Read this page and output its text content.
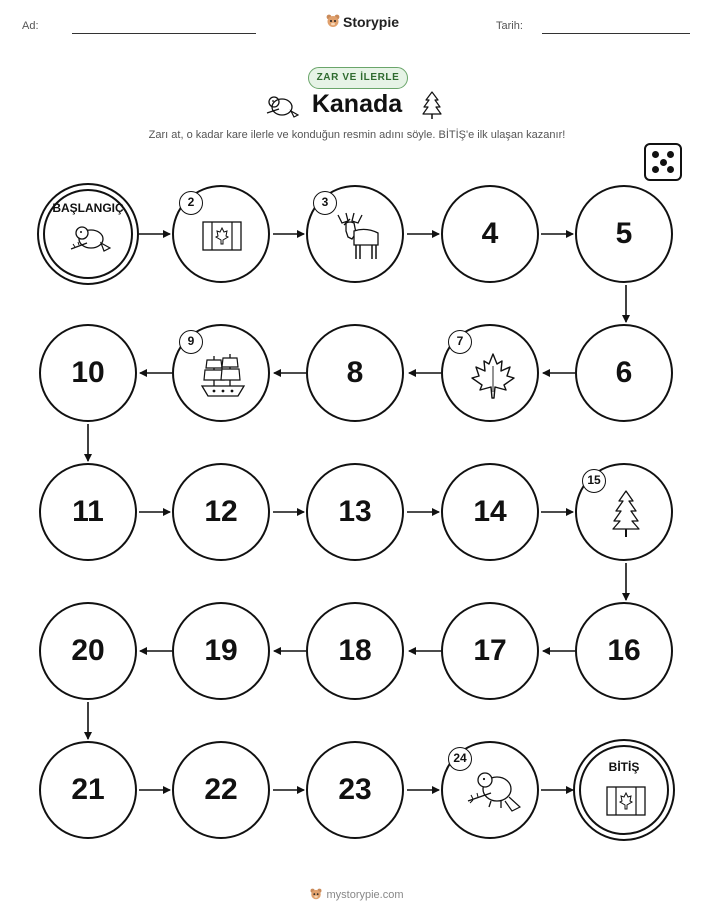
Ad:	Storypie	Tarih:
ZAR VE İLERLE
Kanada
Zarı at, o kadar kare ilerle ve konduğun resmin adını söyle. BİTİŞ'e ilk ulaşan kazanır!
BAŞLANGIÇ	2	3
4	5
6
7
8
9
10
11	12	13	14
15
16
17
18
19
20
21	22	23
24
BİTİŞ
mystorypie.com
